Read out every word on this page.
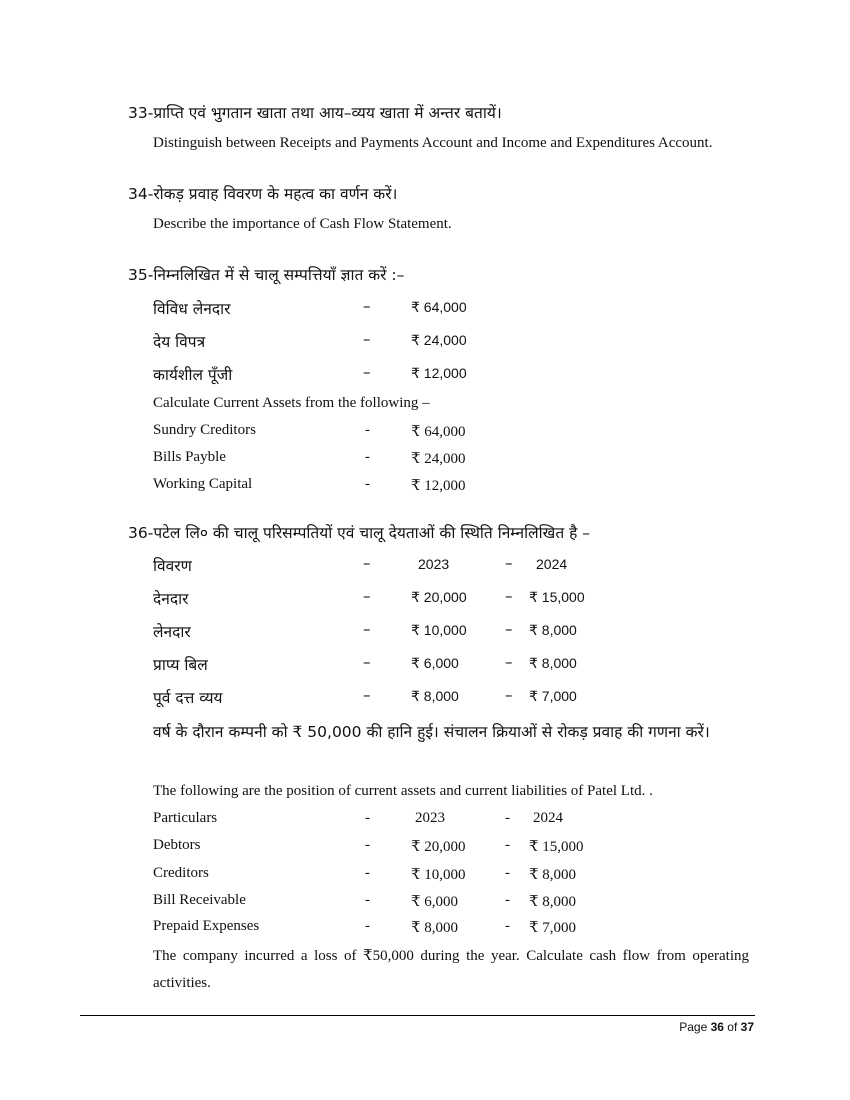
33-प्राप्ति एवं भुगतान खाता तथा आय–व्यय खाता में अन्तर बतायें।
Distinguish between Receipts and Payments Account and Income and Expenditures Account.
34-रोकड़ प्रवाह विवरण के महत्व का वर्णन करें।
Describe the importance of Cash Flow Statement.
35-निम्नलिखित में से चालू सम्पत्तियाँ ज्ञात करें :–
विविध लेनदार	–	₹ 64,000
देय विपत्र	–	₹ 24,000
कार्यशील पूँजी	–	₹ 12,000
Calculate Current Assets from the following –
Sundry Creditors	-	₹ 64,000
Bills Payble	-	₹ 24,000
Working Capital	-	₹ 12,000
36-पटेल लि० की चालू परिसम्पतियों एवं चालू देयताओं की स्थिति निम्नलिखित है –
विवरण	–	2023	– 2024
देनदार	–	₹ 20,000	– ₹ 15,000
लेनदार	–	₹ 10,000	– ₹ 8,000
प्राप्य बिल	–	₹ 6,000	– ₹ 8,000
पूर्व दत्त व्यय	–	₹ 8,000	– ₹ 7,000
वर्ष के दौरान कम्पनी को ₹ 50,000 की हानि हुई। संचालन क्रियाओं से रोकड़ प्रवाह की गणना करें।
The following are the position of current assets and current liabilities of Patel Ltd. .
Particulars	-	2023	- 2024
Debtors	-	₹ 20,000	- ₹ 15,000
Creditors	-	₹ 10,000	- ₹ 8,000
Bill Receivable	-	₹ 6,000	- ₹ 8,000
Prepaid Expenses	-	₹ 8,000	- ₹ 7,000
The company incurred a loss of ₹50,000 during the year. Calculate cash flow from operating activities.
Page 36 of 37
